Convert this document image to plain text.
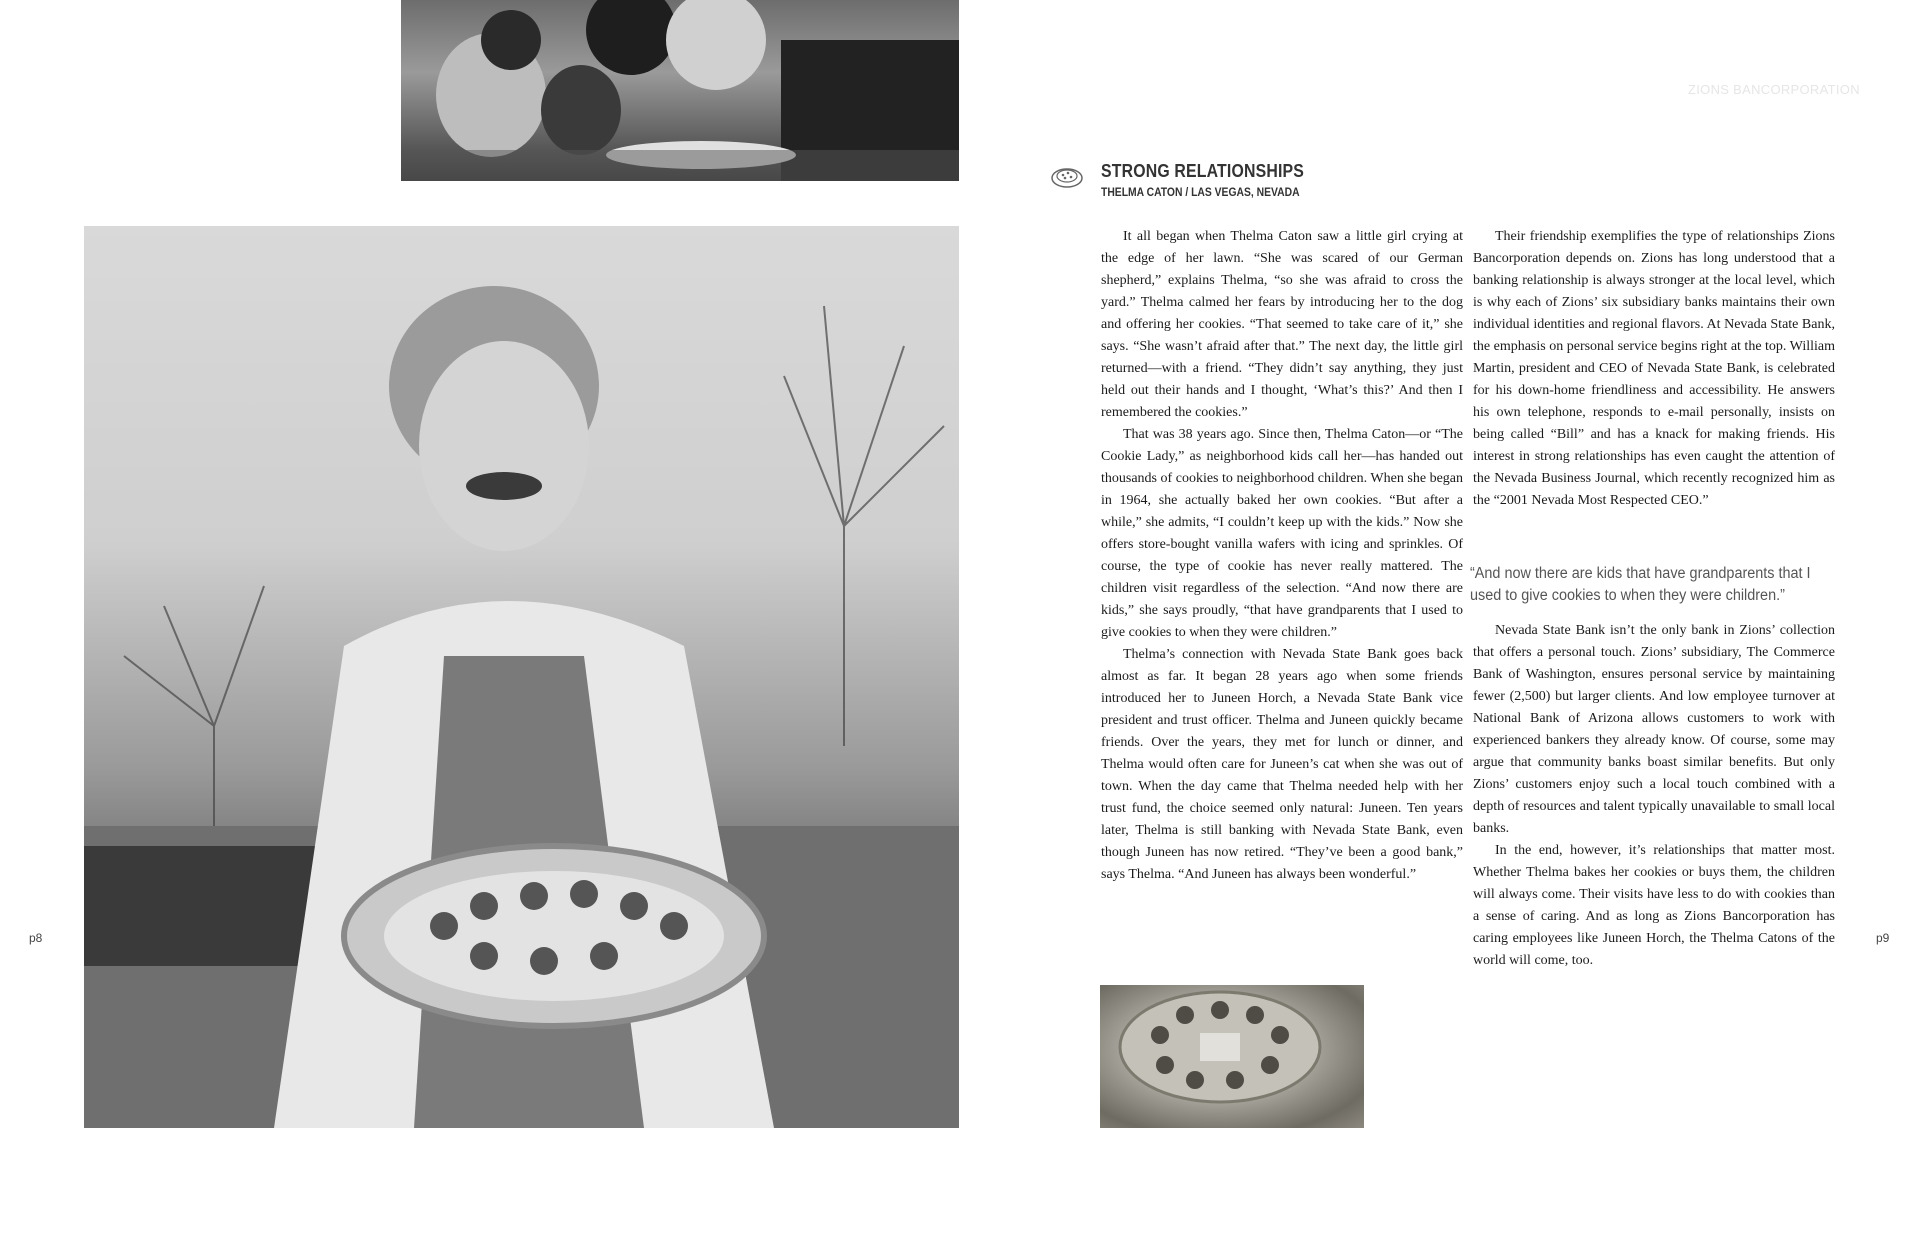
ZIONS BANCORPORATION
STRONG RELATIONSHIPS
THELMA CATON / LAS VEGAS, NEVADA

It all began when Thelma Caton saw a little girl crying at the edge of her lawn. “She was scared of our German shepherd,” explains Thelma, “so she was afraid to cross the yard.” Thelma calmed her fears by introducing her to the dog and offering her cookies. “That seemed to take care of it,” she says. “She wasn’t afraid after that.” The next day, the little girl returned—with a friend. “They didn’t say anything, they just held out their hands and I thought, ‘What’s this?’ And then I remembered the cookies.”

That was 38 years ago. Since then, Thelma Caton—or “The Cookie Lady,” as neighborhood kids call her—has handed out thousands of cookies to neighborhood children. When she began in 1964, she actually baked her own cookies. “But after a while,” she admits, “I couldn’t keep up with the kids.” Now she offers store-bought vanilla wafers with icing and sprinkles. Of course, the type of cookie has never really mattered. The children visit regardless of the selection. “And now there are kids,” she says proudly, “that have grandparents that I used to give cookies to when they were children.”

Thelma’s connection with Nevada State Bank goes back almost as far. It began 28 years ago when some friends introduced her to Juneen Horch, a Nevada State Bank vice president and trust officer. Thelma and Juneen quickly became friends. Over the years, they met for lunch or dinner, and Thelma would often care for Juneen’s cat when she was out of town. When the day came that Thelma needed help with her trust fund, the choice seemed only natural: Juneen. Ten years later, Thelma is still banking with Nevada State Bank, even though Juneen has now retired. “They’ve been a good bank,” says Thelma. “And Juneen has always been wonderful.”

Their friendship exemplifies the type of relationships Zions Bancorporation depends on. Zions has long understood that a banking relationship is always stronger at the local level, which is why each of Zions’ six subsidiary banks maintains their own individual identities and regional flavors. At Nevada State Bank, the emphasis on personal service begins right at the top. William Martin, president and CEO of Nevada State Bank, is celebrated for his down-home friendliness and accessibility. He answers his own telephone, responds to e-mail personally, insists on being called “Bill” and has a knack for making friends. His interest in strong relationships has even caught the attention of the Nevada Business Journal, which recently recognized him as the “2001 Nevada Most Respected CEO.”

“And now there are kids that have grandparents that I used to give cookies to when they were children.”

Nevada State Bank isn’t the only bank in Zions’ collection that offers a personal touch. Zions’ subsidiary, The Commerce Bank of Washington, ensures personal service by maintaining fewer (2,500) but larger clients. And low employee turnover at National Bank of Arizona allows customers to work with experienced bankers they already know. Of course, some may argue that community banks boast similar benefits. But only Zions’ customers enjoy such a local touch combined with a depth of resources and talent typically unavailable to small local banks.

In the end, however, it’s relationships that matter most. Whether Thelma bakes her cookies or buys them, the children will always come. Their visits have less to do with cookies than a sense of caring. And as long as Zions Bancorporation has caring employees like Juneen Horch, the Thelma Catons of the world will come, too.

p8	p9
